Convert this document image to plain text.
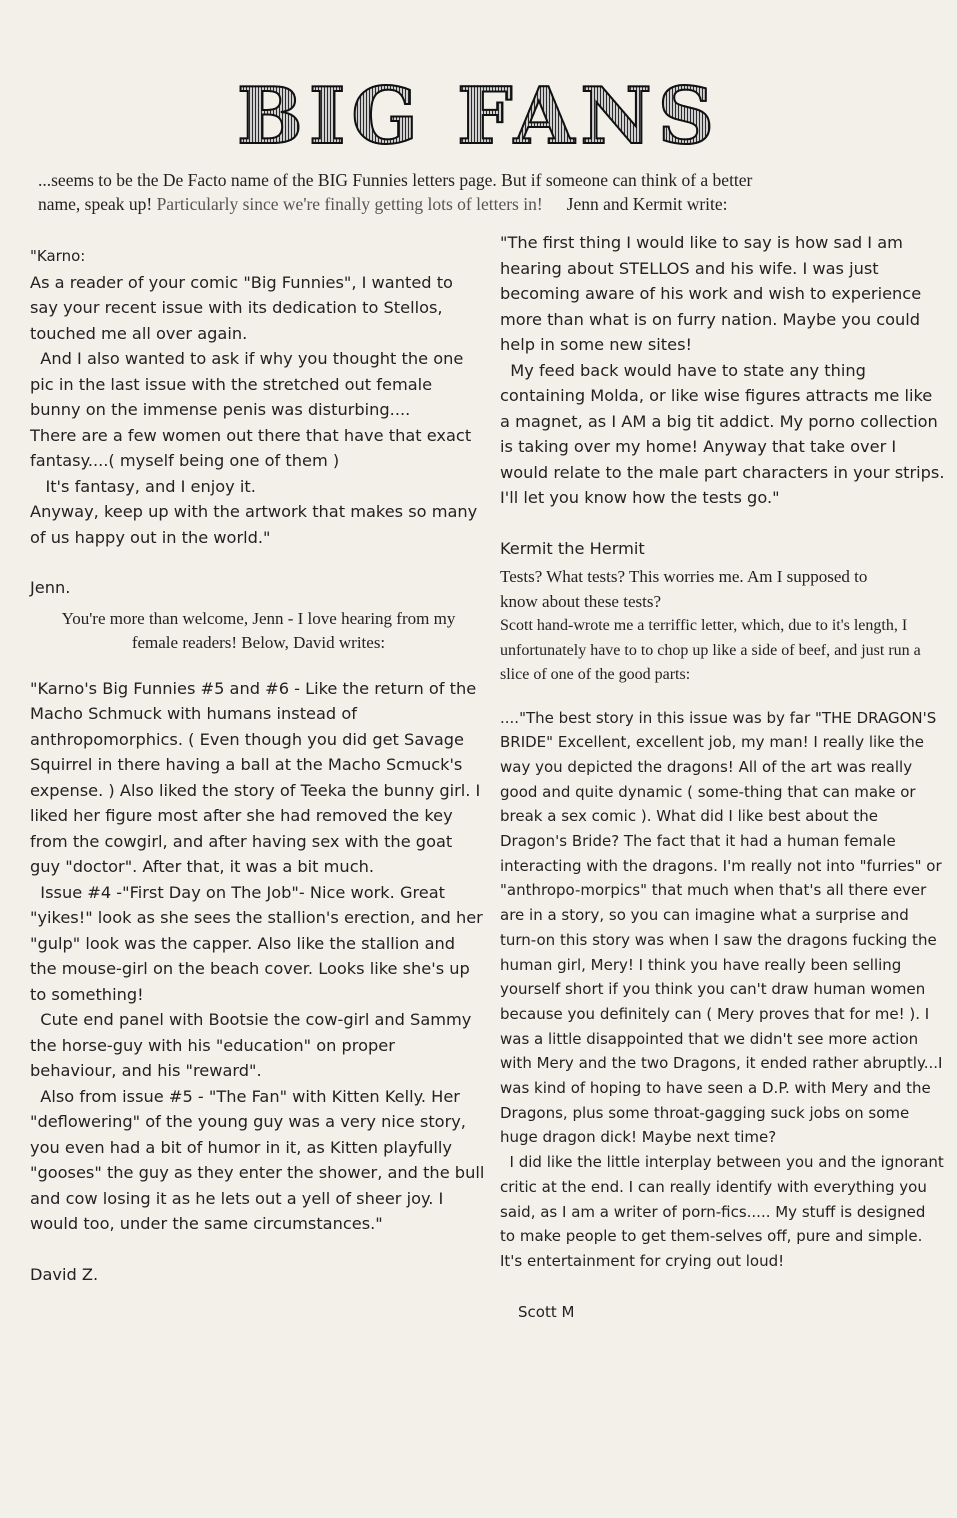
BIG FANS
...seems to be the De Facto name of the BIG Funnies letters page. But if someone can think of a better
name, speak up! Particularly since we're finally getting lots of letters in! Jenn and Kermit write:

"Karno:

As a reader of your comic "Big Funnies", I wanted to say your recent issue with its dedication to Stellos, touched me all over again.

And I also wanted to ask if why you thought the one pic in the last issue with the stretched out female bunny on the immense penis was disturbing....

There are a few women out there that have that exact fantasy....( myself being one of them )

It's fantasy, and I enjoy it.

Anyway, keep up with the artwork that makes so many of us happy out in the world."

Jenn.

You're more than welcome, Jenn - I love hearing from my female readers! Below, David writes:

"Karno's Big Funnies #5 and #6 - Like the return of the Macho Schmuck with humans instead of anthropomorphics. ( Even though you did get Savage Squirrel in there having a ball at the Macho Scmuck's expense. ) Also liked the story of Teeka the bunny girl. I liked her figure most after she had removed the key from the cowgirl, and after having sex with the goat guy "doctor". After that, it was a bit much.

Issue #4 -"First Day on The Job"- Nice work. Great "yikes!" look as she sees the stallion's erection, and her "gulp" look was the capper. Also like the stallion and the mouse-girl on the beach cover. Looks like she's up to something!

Cute end panel with Bootsie the cow-girl and Sammy the horse-guy with his "education" on proper behaviour, and his "reward".

Also from issue #5 - "The Fan" with Kitten Kelly. Her "deflowering" of the young guy was a very nice story, you even had a bit of humor in it, as Kitten playfully "gooses" the guy as they enter the shower, and the bull and cow losing it as he lets out a yell of sheer joy. I would too, under the same circumstances."

David Z.

"The first thing I would like to say is how sad I am hearing about STELLOS and his wife. I was just becoming aware of his work and wish to experience more than what is on furry nation. Maybe you could help in some new sites!

My feed back would have to state any thing containing Molda, or like wise figures attracts me like a magnet, as I AM a big tit addict. My porno collection is taking over my home! Anyway that take over I would relate to the male part characters in your strips. I'll let you know how the tests go."

Kermit the Hermit

Tests? What tests? This worries me. Am I supposed to know about these tests?

Scott hand-wrote me a terriffic letter, which, due to it's length, I unfortunately have to to chop up like a side of beef, and just run a slice of one of the good parts:

...."The best story in this issue was by far "THE DRAGON'S BRIDE" Excellent, excellent job, my man! I really like the way you depicted the dragons! All of the art was really good and quite dynamic ( some-thing that can make or break a sex comic ). What did I like best about the Dragon's Bride? The fact that it had a human female interacting with the dragons. I'm really not into "furries" or "anthropo-morpics" that much when that's all there ever are in a story, so you can imagine what a surprise and turn-on this story was when I saw the dragons fucking the human girl, Mery! I think you have really been selling yourself short if you think you can't draw human women because you definitely can ( Mery proves that for me! ). I was a little disappointed that we didn't see more action with Mery and the two Dragons, it ended rather abruptly...I was kind of hoping to have seen a D.P. with Mery and the Dragons, plus some throat-gagging suck jobs on some huge dragon dick! Maybe next time?

I did like the little interplay between you and the ignorant critic at the end. I can really identify with everything you said, as I am a writer of porn-fics..... My stuff is designed to make people to get them-selves off, pure and simple. It's entertainment for crying out loud!

Scott M
